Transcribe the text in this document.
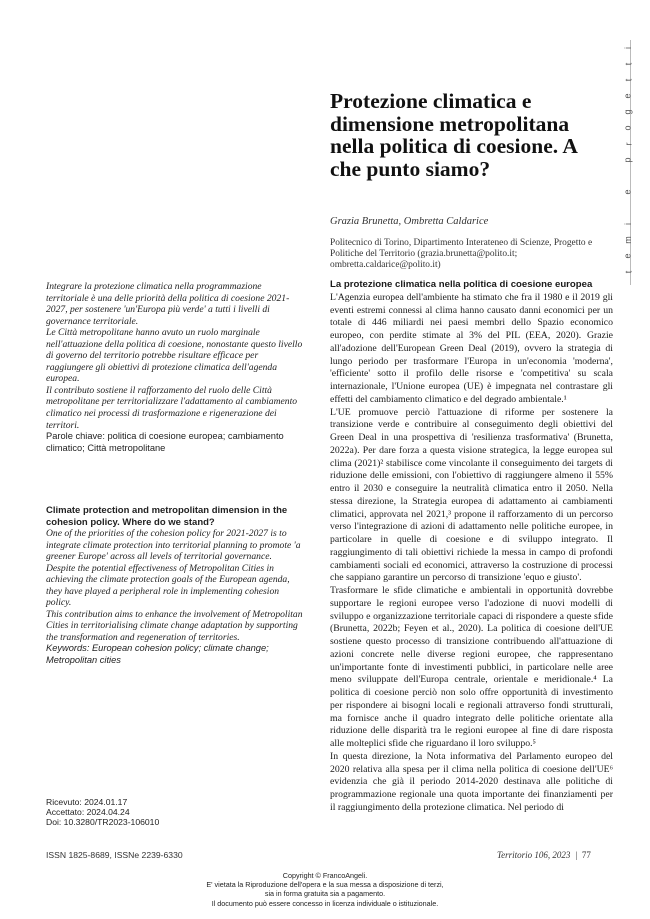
i
t
t
e
g
o
r
p

e

i
m
e
t
Protezione climatica e dimensione metropolitana nella politica di coesione. A che punto siamo?
Grazia Brunetta, Ombretta Caldarice
Politecnico di Torino, Dipartimento Interateneo di Scienze, Progetto e Politiche del Territorio (grazia.brunetta@polito.it; ombretta.caldarice@polito.it)

Integrare la protezione climatica nella programmazione territoriale è una delle priorità della politica di coesione 2021-2027, per sostenere 'un'Europa più verde' a tutti i livelli di governance territoriale.

Le Città metropolitane hanno avuto un ruolo marginale nell'attuazione della politica di coesione, nonostante questo livello di governo del territorio potrebbe risultare efficace per raggiungere gli obiettivi di protezione climatica dell'agenda europea.

Il contributo sostiene il rafforzamento del ruolo delle Città metropolitane per territorializzare l'adattamento al cambiamento climatico nei processi di trasformazione e rigenerazione dei territori.

Parole chiave: politica di coesione europea; cambiamento climatico; Città metropolitane

Climate protection and metropolitan dimension in the cohesion policy. Where do we stand?

One of the priorities of the cohesion policy for 2021-2027 is to integrate climate protection into territorial planning to promote 'a greener Europe' across all levels of territorial governance.

Despite the potential effectiveness of Metropolitan Cities in achieving the climate protection goals of the European agenda, they have played a peripheral role in implementing cohesion policy.

This contribution aims to enhance the involvement of Metropolitan Cities in territorialising climate change adaptation by supporting the transformation and regeneration of territories.

Keywords: European cohesion policy; climate change; Metropolitan cities

Ricevuto: 2024.01.17
Accettato: 2024.04.24
Doi: 10.3280/TR2023-106010
La protezione climatica nella politica di coesione europea

L'Agenzia europea dell'ambiente ha stimato che fra il 1980 e il 2019 gli eventi estremi connessi al clima hanno causato danni economici per un totale di 446 miliardi nei paesi membri dello Spazio economico europeo, con perdite stimate al 3% del PIL (EEA, 2020). Grazie all'adozione dell'European Green Deal (2019), ovvero la strategia di lungo periodo per trasformare l'Europa in un'economia 'moderna', 'efficiente' sotto il profilo delle risorse e 'competitiva' su scala internazionale, l'Unione europea (UE) è impegnata nel contrastare gli effetti del cambiamento climatico e del degrado ambientale.¹

L'UE promuove perciò l'attuazione di riforme per sostenere la transizione verde e contribuire al conseguimento degli obiettivi del Green Deal in una prospettiva di 'resilienza trasformativa' (Brunetta, 2022a). Per dare forza a questa visione strategica, la legge europea sul clima (2021)² stabilisce come vincolante il conseguimento dei targets di riduzione delle emissioni, con l'obiettivo di raggiungere almeno il 55% entro il 2030 e conseguire la neutralità climatica entro il 2050. Nella stessa direzione, la Strategia europea di adattamento ai cambiamenti climatici, approvata nel 2021,³ propone il rafforzamento di un percorso verso l'integrazione di azioni di adattamento nelle politiche europee, in particolare in quelle di coesione e di sviluppo integrato. Il raggiungimento di tali obiettivi richiede la messa in campo di profondi cambiamenti sociali ed economici, attraverso la costruzione di processi che sappiano garantire un percorso di transizione 'equo e giusto'.

Trasformare le sfide climatiche e ambientali in opportunità dovrebbe supportare le regioni europee verso l'adozione di nuovi modelli di sviluppo e organizzazione territoriale capaci di rispondere a queste sfide (Brunetta, 2022b; Feyen et al., 2020). La politica di coesione dell'UE sostiene questo processo di transizione contribuendo all'attuazione di azioni concrete nelle diverse regioni europee, che rappresentano un'importante fonte di investimenti pubblici, in particolare nelle aree meno sviluppate dell'Europa centrale, orientale e meridionale.⁴ La politica di coesione perciò non solo offre opportunità di investimento per rispondere ai bisogni locali e regionali attraverso fondi strutturali, ma fornisce anche il quadro integrato delle politiche orientate alla riduzione delle disparità tra le regioni europee al fine di dare risposta alle molteplici sfide che riguardano il loro sviluppo.⁵

In questa direzione, la Nota informativa del Parlamento europeo del 2020 relativa alla spesa per il clima nella politica di coesione dell'UE⁶ evidenzia che già il periodo 2014-2020 destinava alle politiche di programmazione regionale una quota importante dei finanziamenti per il raggiungimento della protezione climatica. Nel periodo di

ISSN 1825-8689, ISSNe 2239-6330	Territorio 106, 2023 | 77
Copyright © FrancoAngeli.
E' vietata la Riproduzione dell'opera e la sua messa a disposizione di terzi,
sia in forma gratuita sia a pagamento.
Il documento può essere concesso in licenza individuale o istituzionale.
